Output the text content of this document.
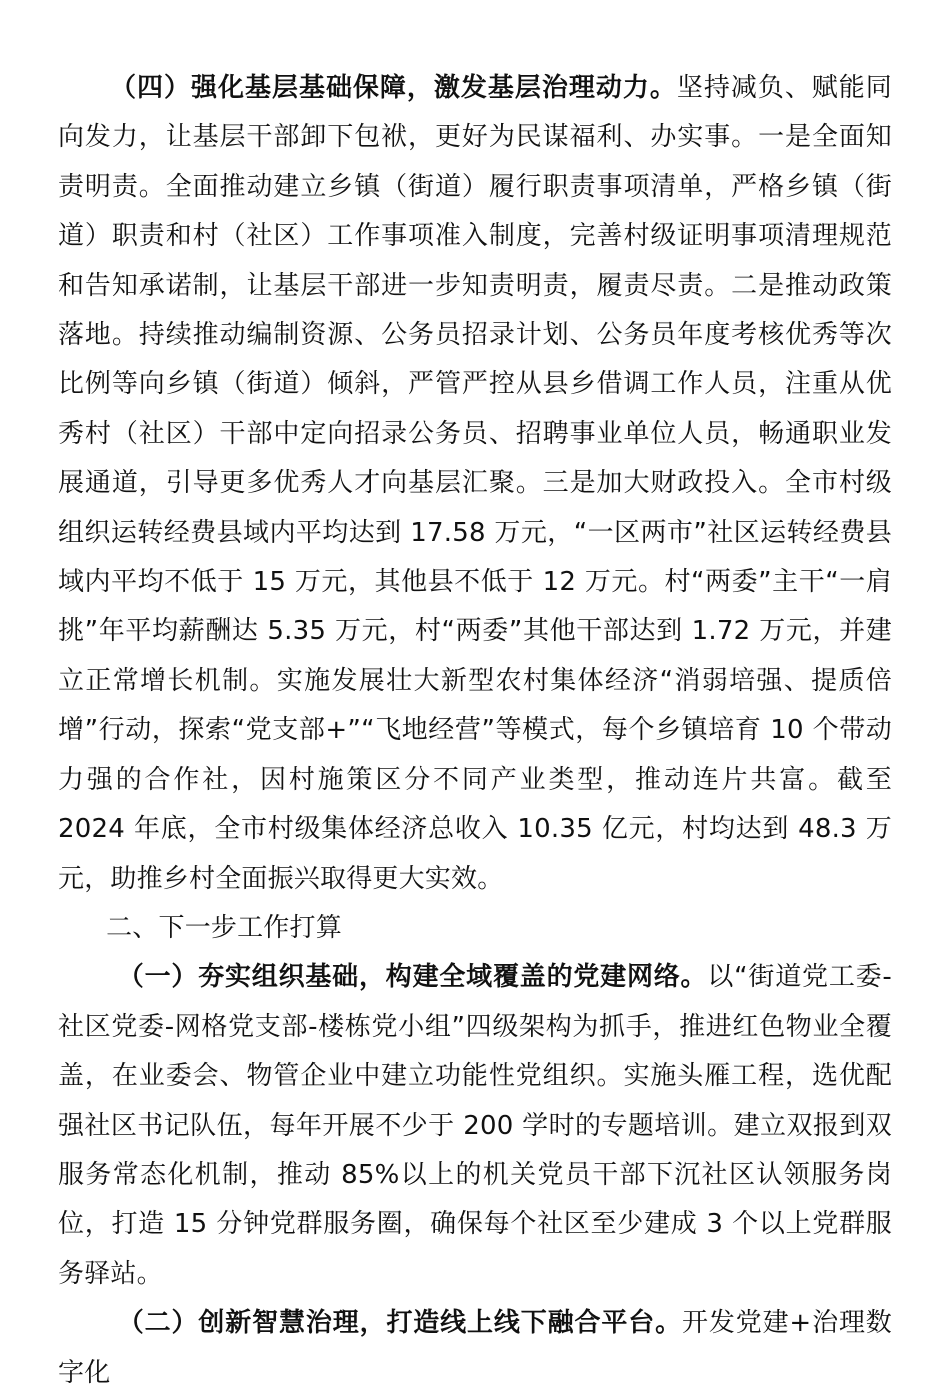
（四）强化基层基础保障，激发基层治理动力。坚持减负、赋能同向发力，让基层干部卸下包袱，更好为民谋福利、办实事。一是全面知责明责。全面推动建立乡镇（街道）履行职责事项清单，严格乡镇（街道）职责和村（社区）工作事项准入制度，完善村级证明事项清理规范和告知承诺制，让基层干部进一步知责明责，履责尽责。二是推动政策落地。持续推动编制资源、公务员招录计划、公务员年度考核优秀等次比例等向乡镇（街道）倾斜，严管严控从县乡借调工作人员，注重从优秀村（社区）干部中定向招录公务员、招聘事业单位人员，畅通职业发展通道，引导更多优秀人才向基层汇聚。三是加大财政投入。全市村级组织运转经费县域内平均达到 17.58 万元，“一区两市”社区运转经费县域内平均不低于 15 万元，其他县不低于 12 万元。村“两委”主干“一肩挑”年平均薪酬达 5.35 万元，村“两委”其他干部达到 1.72 万元，并建立正常增长机制。实施发展壮大新型农村集体经济“消弱培强、提质倍增”行动，探索“党支部+”“飞地经营”等模式，每个乡镇培育 10 个带动力强的合作社，因村施策区分不同产业类型，推动连片共富。截至 2024 年底，全市村级集体经济总收入 10.35 亿元，村均达到 48.3 万元，助推乡村全面振兴取得更大实效。

二、下一步工作打算

（一）夯实组织基础，构建全域覆盖的党建网络。以“街道党工委-社区党委-网格党支部-楼栋党小组”四级架构为抓手，推进红色物业全覆盖，在业委会、物管企业中建立功能性党组织。实施头雁工程，选优配强社区书记队伍，每年开展不少于 200 学时的专题培训。建立双报到双服务常态化机制，推动 85%以上的机关党员干部下沉社区认领服务岗位，打造 15 分钟党群服务圈，确保每个社区至少建成 3 个以上党群服务驿站。

（二）创新智慧治理，打造线上线下融合平台。开发党建+治理数字化
